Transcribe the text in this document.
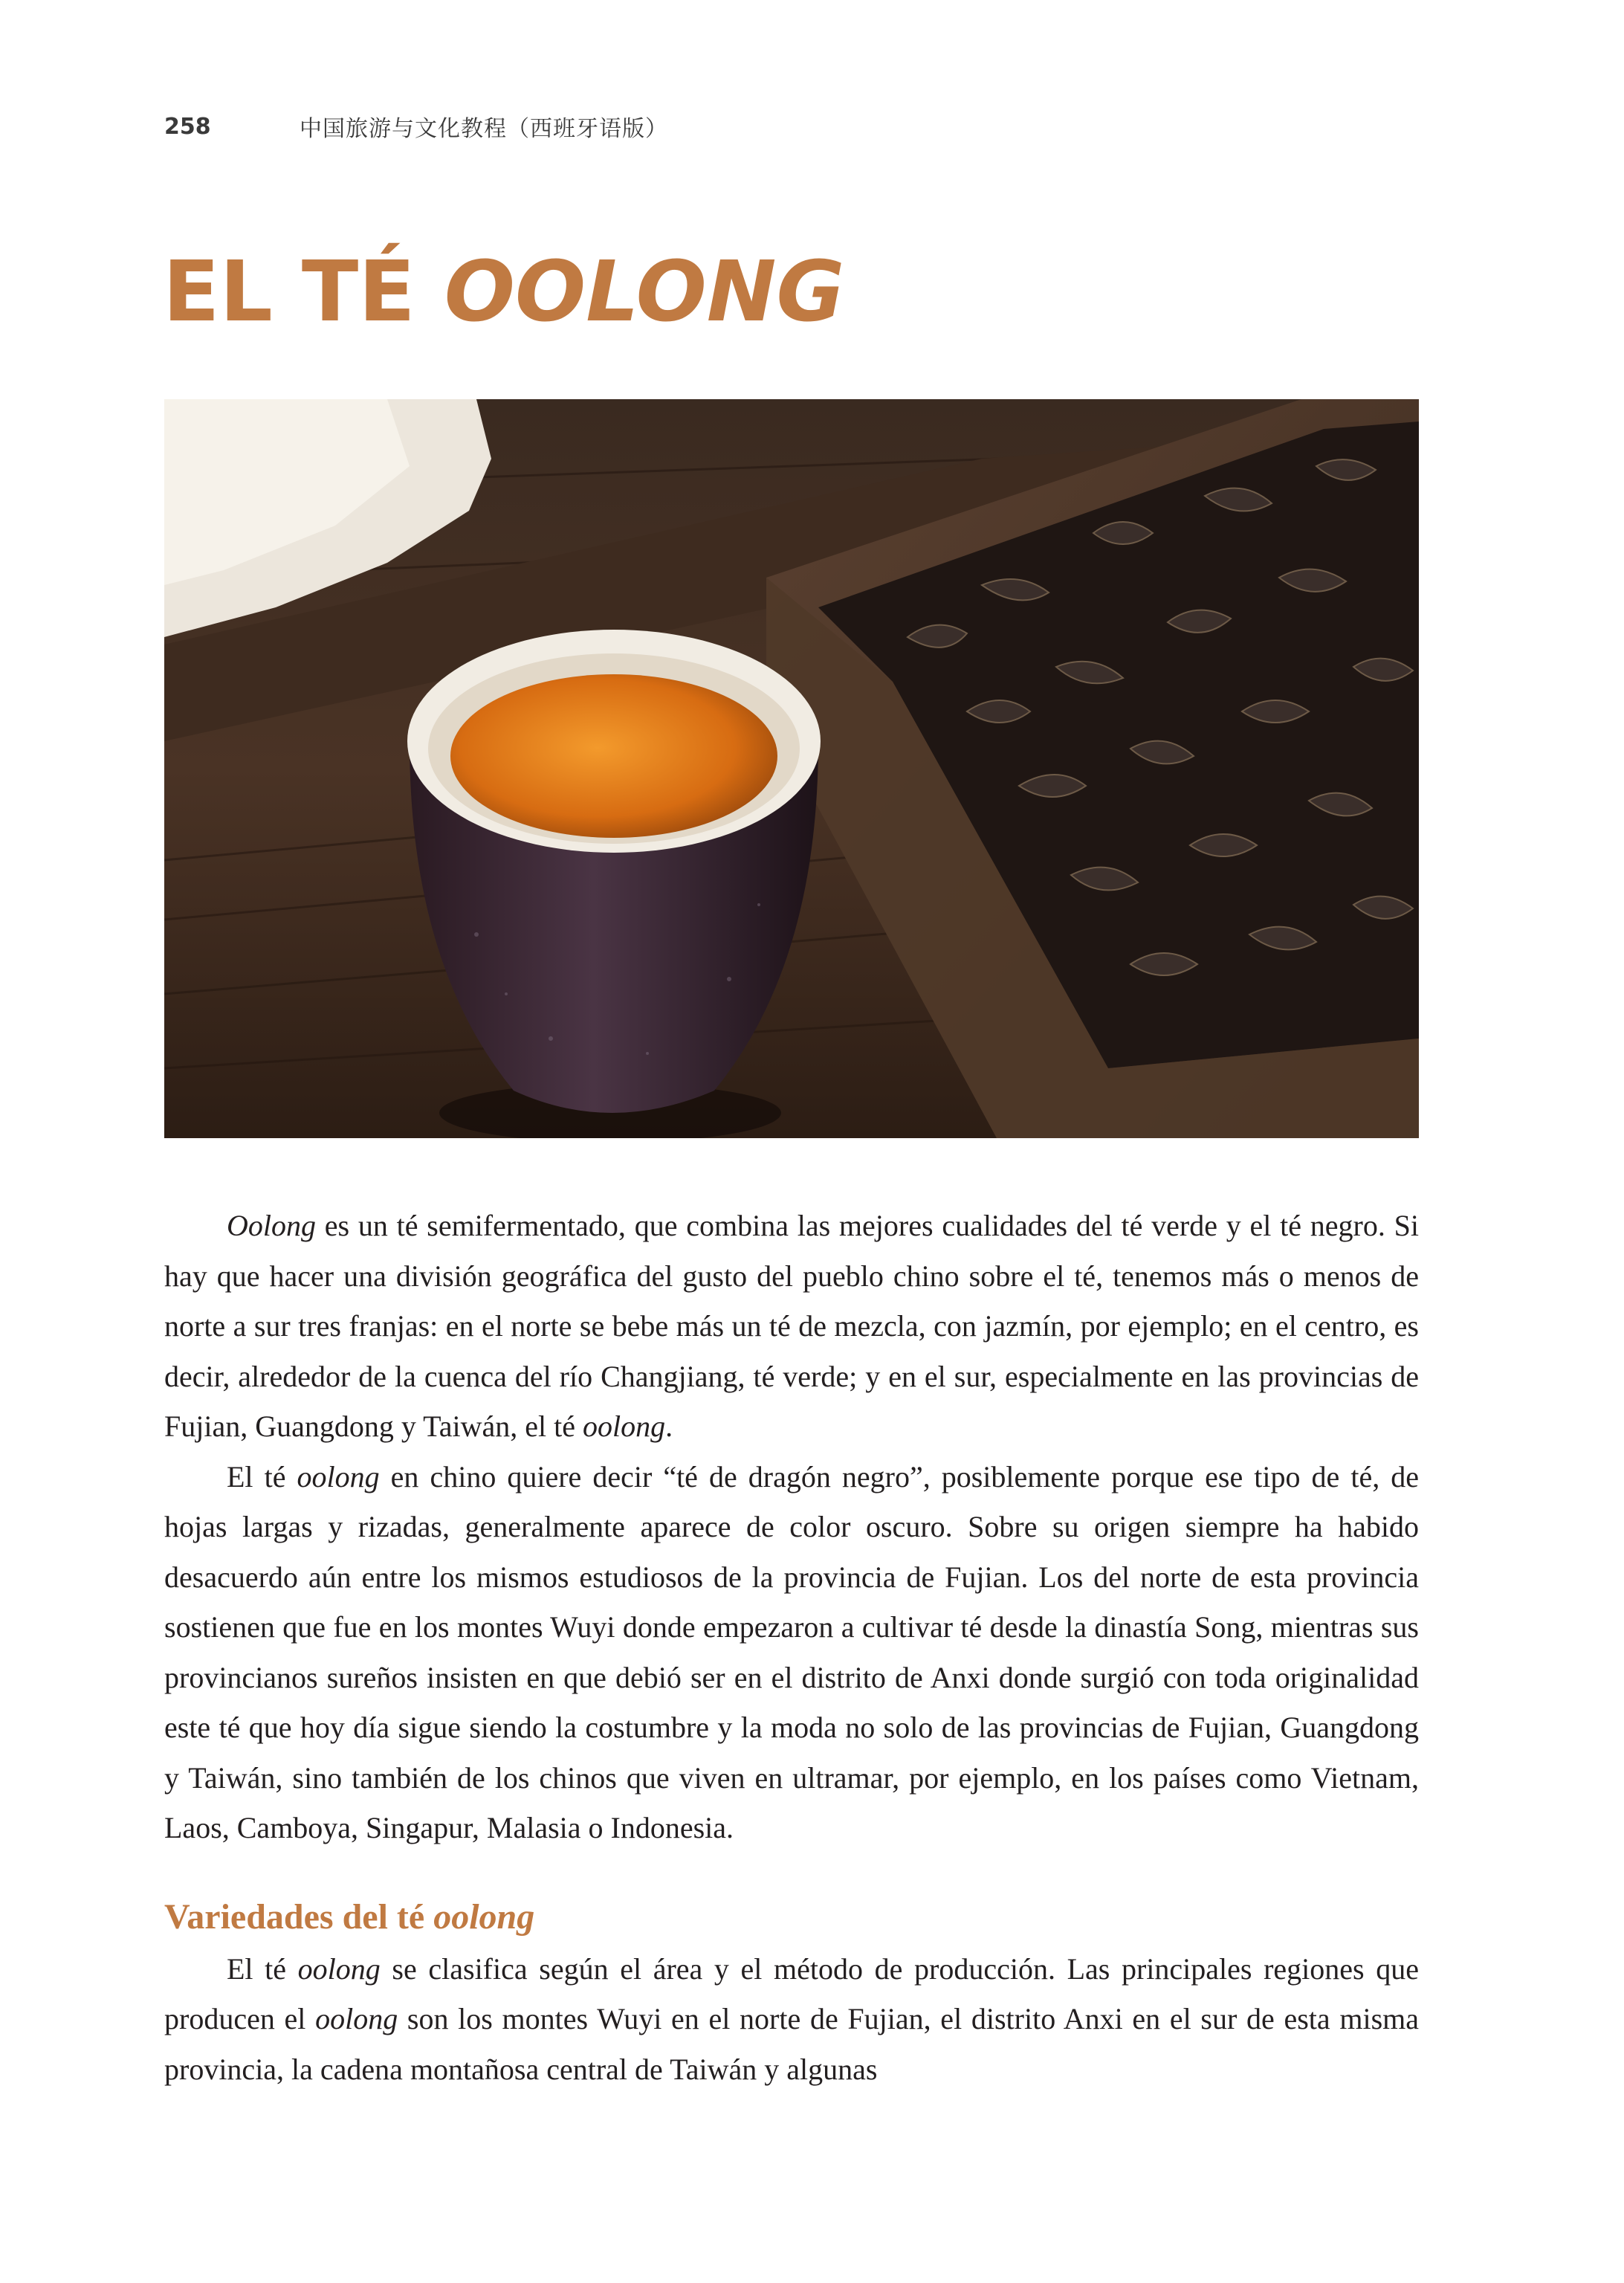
258	中国旅游与文化教程（西班牙语版）
EL TÉ OOLONG

Oolong es un té semifermentado, que combina las mejores cualidades del té verde y el té negro. Si hay que hacer una división geográfica del gusto del pueblo chino sobre el té, tenemos más o menos de norte a sur tres franjas: en el norte se bebe más un té de mezcla, con jazmín, por ejemplo; en el centro, es decir, alrededor de la cuenca del río Changjiang, té verde; y en el sur, especialmente en las provincias de Fujian, Guangdong y Taiwán, el té oolong.

El té oolong en chino quiere decir “té de dragón negro”, posiblemente porque ese tipo de té, de hojas largas y rizadas, generalmente aparece de color oscuro. Sobre su origen siempre ha habido desacuerdo aún entre los mismos estudiosos de la provincia de Fujian. Los del norte de esta provincia sostienen que fue en los montes Wuyi donde empezaron a cultivar té desde la dinastía Song, mientras sus provincianos sureños insisten en que debió ser en el distrito de Anxi donde surgió con toda originalidad este té que hoy día sigue siendo la costumbre y la moda no solo de las provincias de Fujian, Guangdong y Taiwán, sino también de los chinos que viven en ultramar, por ejemplo, en los países como Vietnam, Laos, Camboya, Singapur, Malasia o Indonesia.

Variedades del té oolong

El té oolong se clasifica según el área y el método de producción. Las principales regiones que producen el oolong son los montes Wuyi en el norte de Fujian, el distrito Anxi en el sur de esta misma provincia, la cadena montañosa central de Taiwán y algunas
